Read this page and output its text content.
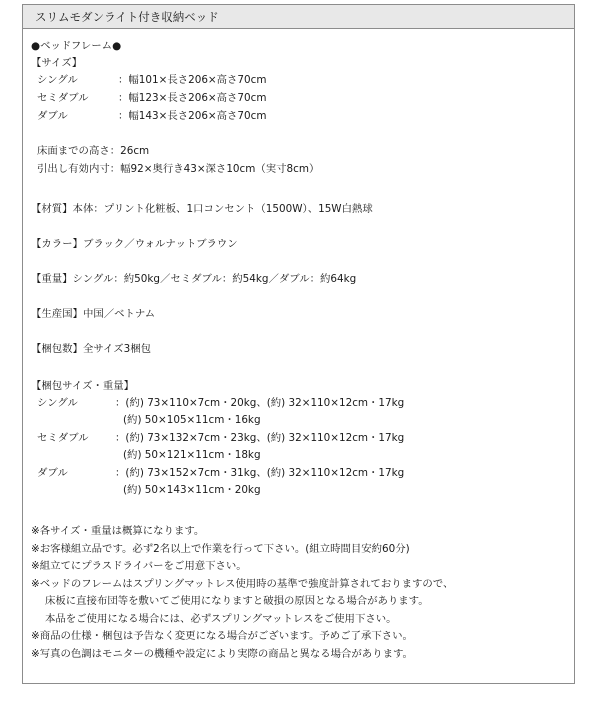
スリムモダンライト付き収納ベッド
●ベッドフレーム●
【サイズ】
シングル	：幅101×長さ206×高さ70cm
セミダブル	：幅123×長さ206×高さ70cm
ダブル	：幅143×長さ206×高さ70cm
床面までの高さ：26cm
引出し有効内寸：幅92×奥行き43×深さ10cm（実寸8cm）
【材質】本体：プリント化粧板、1口コンセント（1500W）、15W白熱球
【カラー】ブラック／ウォルナットブラウン
【重量】シングル：約50kg／セミダブル：約54kg／ダブル：約64kg
【生産国】中国／ベトナム
【梱包数】全サイズ3梱包
【梱包サイズ・重量】
シングル	：(約) 73×110×7cm・20kg、(約) 32×110×12cm・17kg
(約) 50×105×11cm・16kg
セミダブル	：(約) 73×132×7cm・23kg、(約) 32×110×12cm・17kg
(約) 50×121×11cm・18kg
ダブル	：(約) 73×152×7cm・31kg、(約) 32×110×12cm・17kg
(約) 50×143×11cm・20kg
※各サイズ・重量は概算になります。
※お客様組立品です。必ず2名以上で作業を行って下さい。(組立時間目安約60分)
※組立てにプラスドライバーをご用意下さい。
※ベッドのフレームはスプリングマットレス使用時の基準で強度計算されておりますので、
床板に直接布団等を敷いてご使用になりますと破損の原因となる場合があります。
本品をご使用になる場合には、必ずスプリングマットレスをご使用下さい。
※商品の仕様・梱包は予告なく変更になる場合がございます。予めご了承下さい。
※写真の色調はモニターの機種や設定により実際の商品と異なる場合があります。
